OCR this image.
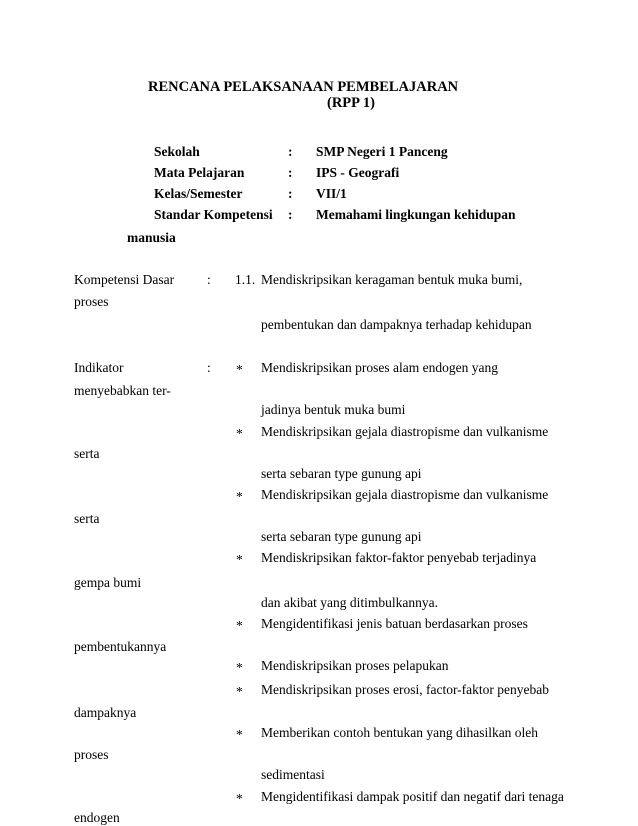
RENCANA PELAKSANAAN PEMBELAJARAN
(RPP 1)
Sekolah	: SMP Negeri 1 Panceng
Mata Pelajaran	: IPS - Geografi
Kelas/Semester	: VII/1
Standar Kompetensi : Memahami lingkungan kehidupan
manusia
Kompetensi Dasar : 1.1. Mendiskripsikan keragaman bentuk muka bumi,
proses
pembentukan dan dampaknya terhadap kehidupan
Indikator	: * Mendiskripsikan proses alam endogen yang
menyebabkan ter-
jadinya bentuk muka bumi
* Mendiskripsikan gejala diastropisme dan vulkanisme
serta
serta sebaran type gunung api
* Mendiskripsikan gejala diastropisme dan vulkanisme
serta
serta sebaran type gunung api
* Mendiskripsikan faktor-faktor penyebab terjadinya
gempa bumi
dan akibat yang ditimbulkannya.
* Mengidentifikasi jenis batuan berdasarkan proses
pembentukannya
* Mendiskripsikan proses pelapukan
* Mendiskripsikan proses erosi, factor-faktor penyebab
dampaknya
* Memberikan contoh bentukan yang dihasilkan oleh
proses
sedimentasi
* Mengidentifikasi dampak positif dan negatif dari tenaga
endogen
